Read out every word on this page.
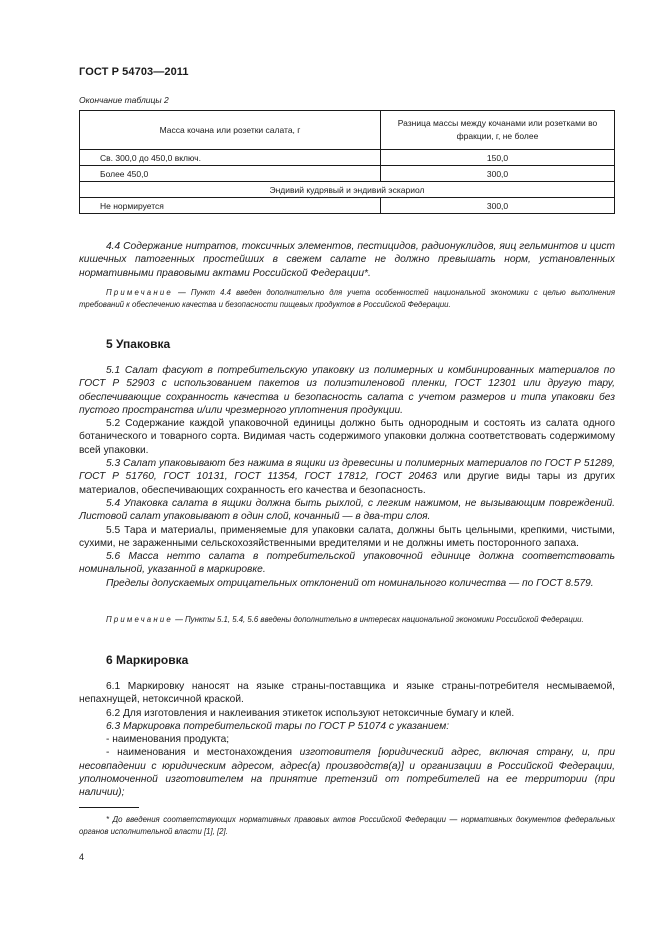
ГОСТ Р 54703—2011
Окончание таблицы 2
Масса кочана или розетки салата, г	Разница массы между кочанами или розетками во фракции, г, не более
Св. 300,0 до 450,0 включ.	150,0
Более 450,0	300,0
Эндивий кудрявый и эндивий эскариол	
Не нормируется	300,0

4.4 Содержание нитратов, токсичных элементов, пестицидов, радионуклидов, яиц гельминтов и цист кишечных патогенных простейших в свежем салате не должно превышать норм, установленных нормативными правовыми актами Российской Федерации*.

Примечание — Пункт 4.4 введен дополнительно для учета особенностей национальной экономики с целью выполнения требований к обеспечению качества и безопасности пищевых продуктов в Российской Федерации.

5 Упаковка

5.1 Салат фасуют в потребительскую упаковку из полимерных и комбинированных материалов по ГОСТ Р 52903 с использованием пакетов из полиэтиленовой пленки, ГОСТ 12301 или другую тару, обеспечивающие сохранность качества и безопасность салата с учетом размеров и типа упаковки без пустого пространства и/или чрезмерного уплотнения продукции.

5.2 Содержание каждой упаковочной единицы должно быть однородным и состоять из салата одного ботанического и товарного сорта. Видимая часть содержимого упаковки должна соответствовать содержимому всей упаковки.

5.3 Салат упаковывают без нажима в ящики из древесины и полимерных материалов по ГОСТ Р 51289, ГОСТ Р 51760, ГОСТ 10131, ГОСТ 11354, ГОСТ 17812, ГОСТ 20463 или другие виды тары из других материалов, обеспечивающих сохранность его качества и безопасность.

5.4 Упаковка салата в ящики должна быть рыхлой, с легким нажимом, не вызывающим повреждений. Листовой салат упаковывают в один слой, кочанный — в два-три слоя.

5.5 Тара и материалы, применяемые для упаковки салата, должны быть цельными, крепкими, чистыми, сухими, не зараженными сельскохозяйственными вредителями и не должны иметь посторонного запаха.

5.6 Масса нетто салата в потребительской упаковочной единице должна соответствовать номинальной, указанной в маркировке.

Пределы допускаемых отрицательных отклонений от номинального количества — по ГОСТ 8.579.

Примечание — Пункты 5.1, 5.4, 5.6 введены дополнительно в интересах национальной экономики Российской Федерации.

6 Маркировка

6.1 Маркировку наносят на языке страны-поставщика и языке страны-потребителя несмываемой, непахнущей, нетоксичной краской.

6.2 Для изготовления и наклеивания этикеток используют нетоксичные бумагу и клей.

6.3 Маркировка потребительской тары по ГОСТ Р 51074 с указанием:

- наименования продукта;

- наименования и местонахождения изготовителя [юридический адрес, включая страну, и, при несовпадении с юридическим адресом, адрес(а) производств(а)] и организации в Российской Федерации, уполномоченной изготовителем на принятие претензий от потребителей на ее территории (при наличии);

* До введения соответствующих нормативных правовых актов Российской Федерации — нормативных документов федеральных органов исполнительной власти [1], [2].

4
